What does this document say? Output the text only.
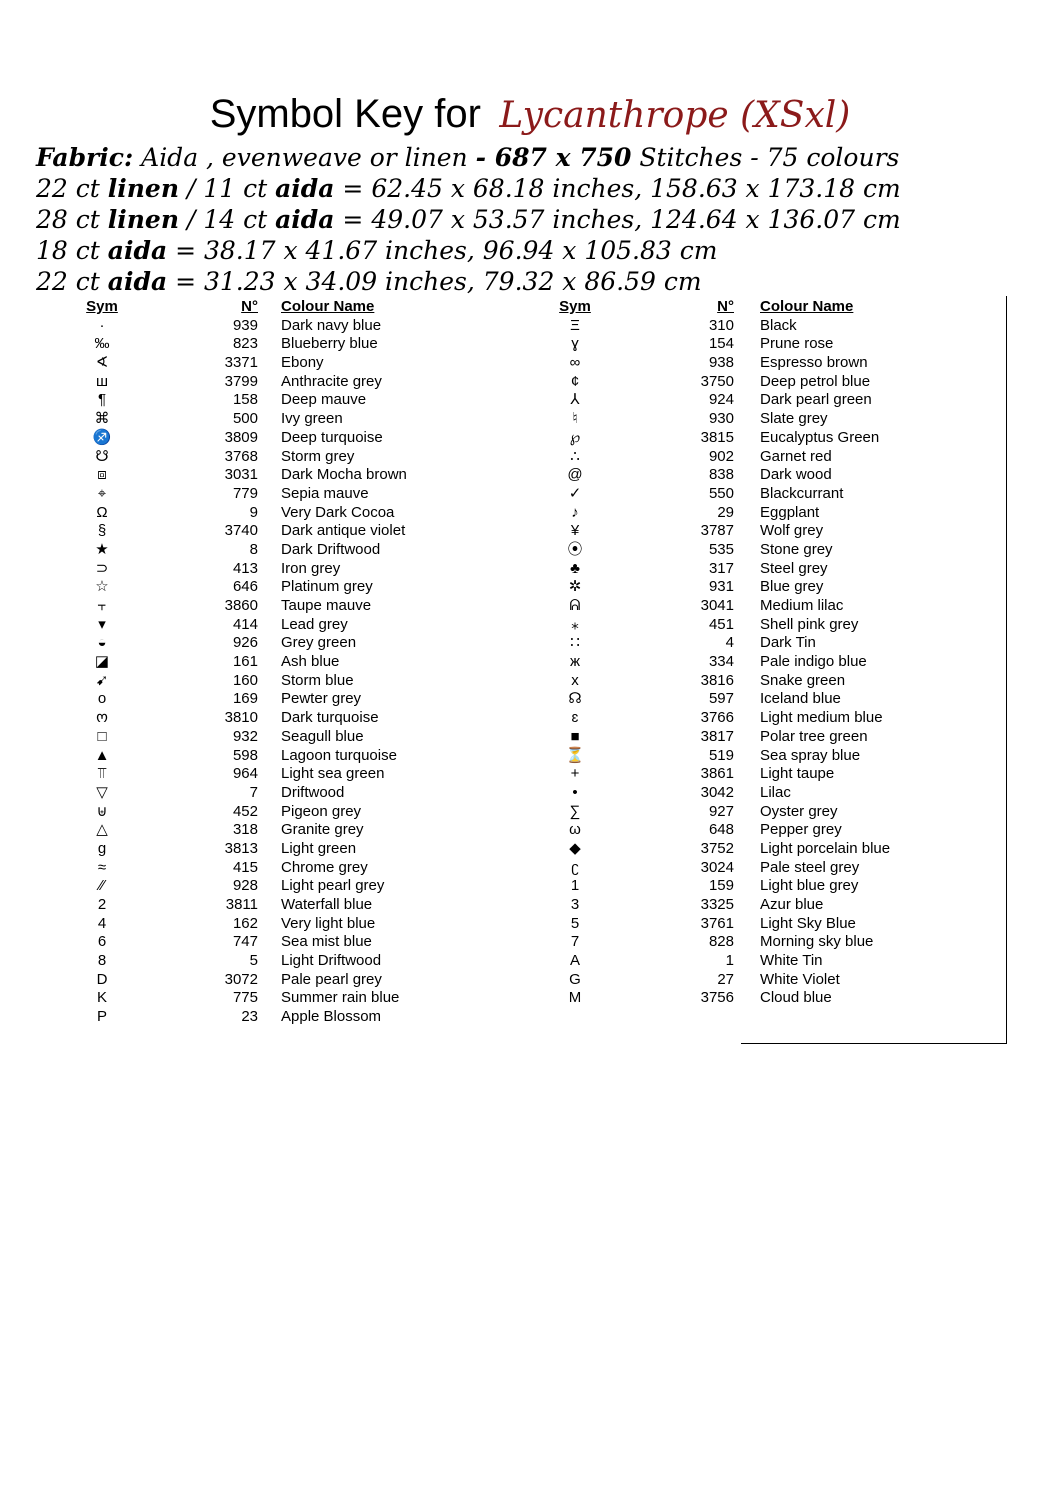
Symbol Key for Lycanthrope (XSxl)
Fabric: Aida , evenweave or linen - 687 x 750 Stitches - 75 colours
22 ct linen / 11 ct aida = 62.45 x 68.18 inches, 158.63 x 173.18 cm
28 ct linen / 14 ct aida = 49.07 x 53.57 inches, 124.64 x 136.07 cm
18 ct aida = 38.17 x 41.67 inches, 96.94 x 105.83 cm
22 ct aida = 31.23 x 34.09 inches, 79.32 x 86.59 cm
Sym	N° Colour Name
·	939 Dark navy blue
‰	823 Blueberry blue
∢	3371 Ebony
ш	3799 Anthracite grey
¶	158 Deep mauve
⌘	500 Ivy green
♐	3809 Deep turquoise
☋	3768 Storm grey
⧈	3031 Dark Mocha brown
⌖	779 Sepia mauve
Ω	9 Very Dark Cocoa
§	3740 Dark antique violet
★	8 Dark Driftwood
⊃	413 Iron grey
☆	646 Platinum grey
⫟	3860 Taupe mauve
▾	414 Lead grey
◒	926 Grey green
◪	161 Ash blue
➹	160 Storm blue
o	169 Pewter grey
ო	3810 Dark turquoise
□	932 Seagull blue
▲	598 Lagoon turquoise
⫪	964 Light sea green
▽	7 Driftwood
⊎	452 Pigeon grey
△	318 Granite grey
g	3813 Light green
≈	415 Chrome grey
⁄⁄	928 Light pearl grey
2	3811 Waterfall blue
4	162 Very light blue
6	747 Sea mist blue
8	5 Light Driftwood
D	3072 Pale pearl grey
K	775 Summer rain blue
P	23 Apple Blossom
Sym	N° Colour Name
Ξ	310 Black
ɣ	154 Prune rose
∞	938 Espresso brown
¢	3750 Deep petrol blue
⅄	924 Dark pearl green
♮	930 Slate grey
℘	3815 Eucalyptus Green
∴	902 Garnet red
@	838 Dark wood
✓	550 Blackcurrant
♪	29 Eggplant
¥	3787 Wolf grey
⦿	535 Stone grey
♣	317 Steel grey
✲	931 Blue grey
ᕱ	3041 Medium lilac
⁎	451 Shell pink grey
∷	4 Dark Tin
ж	334 Pale indigo blue
x	3816 Snake green
☊	597 Iceland blue
ɛ	3766 Light medium blue
■	3817 Polar tree green
⏳	519 Sea spray blue
+	3861 Light taupe
•	3042 Lilac
∑	927 Oyster grey
ω	648 Pepper grey
◆	3752 Light porcelain blue
ʗ	3024 Pale steel grey
1	159 Light blue grey
3	3325 Azur blue
5	3761 Light Sky Blue
7	828 Morning sky blue
A	1 White Tin
G	27 White Violet
M	3756 Cloud blue
